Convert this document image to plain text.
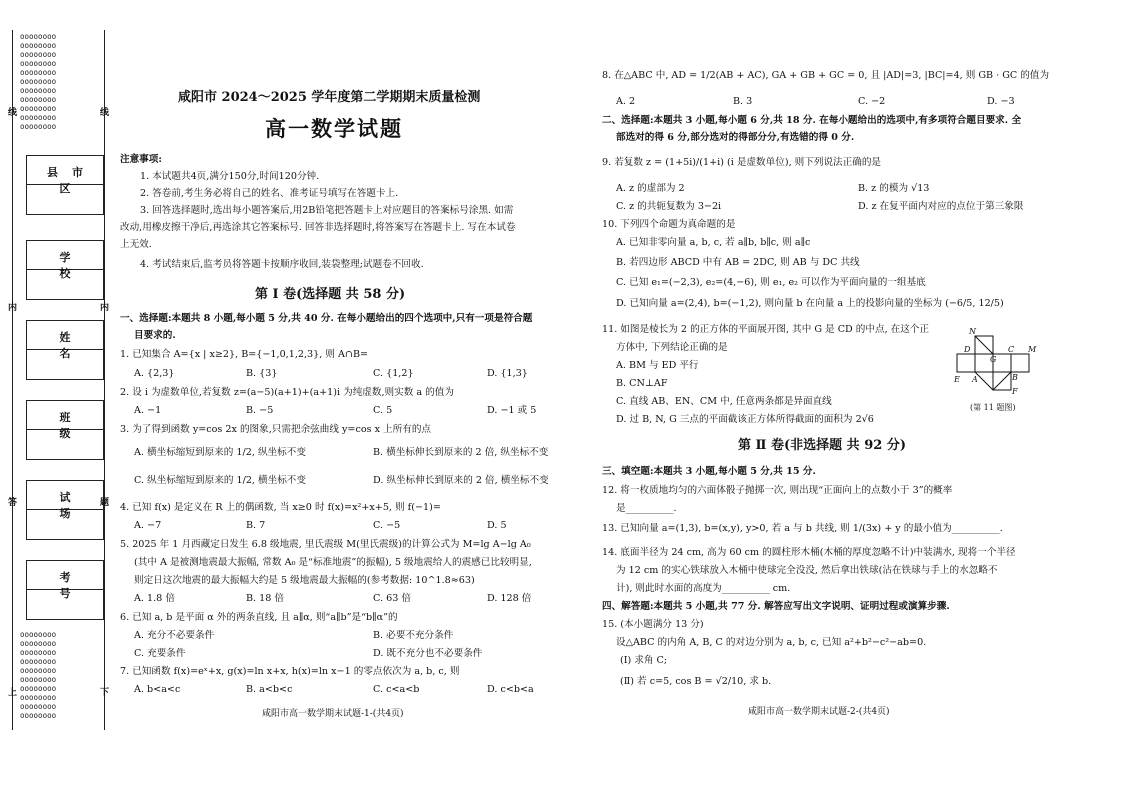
oooooooo
oooooooo
oooooooo
oooooooo
oooooooo
oooooooo
oooooooo
oooooooo
oooooooo
oooooooo
oooooooo
县市区
学 校
姓 名
班 级
试 场
考 号
oooooooo
oooooooo
oooooooo
oooooooo
oooooooo
oooooooo
oooooooo
oooooooo
oooooooo
oooooooo
线	线
内	内
答	题
上	下
咸阳市 2024～2025 学年度第二学期期末质量检测
高一数学试题
注意事项:
1. 本试题共4页,满分150分,时间120分钟.
2. 答卷前,考生务必将自己的姓名、准考证号填写在答题卡上.
3. 回答选择题时,选出每小题答案后,用2B铅笔把答题卡上对应题目的答案标号涂黑. 如需
改动,用橡皮擦干净后,再选涂其它答案标号. 回答非选择题时,将答案写在答题卡上. 写在本试卷
上无效.
4. 考试结束后,监考员将答题卡按顺序收回,装袋整理;试题卷不回收.
第 Ⅰ 卷(选择题 共 58 分)
一、选择题:本题共 8 小题,每小题 5 分,共 40 分. 在每小题给出的四个选项中,只有一项是符合题
目要求的.
1. 已知集合 A={x | x≥2}, B={−1,0,1,2,3}, 则 A∩B=
A. {2,3}	B. {3}	C. {1,2}	D. {1,3}
2. 设 i 为虚数单位,若复数 z=(a−5)(a+1)+(a+1)i 为纯虚数,则实数 a 的值为
A. −1	B. −5	C. 5	D. −1 或 5
3. 为了得到函数 y=cos 2x 的图象,只需把余弦曲线 y=cos x 上所有的点
A. 横坐标缩短到原来的 1/2, 纵坐标不变	B. 横坐标伸长到原来的 2 倍, 纵坐标不变
C. 纵坐标缩短到原来的 1/2, 横坐标不变	D. 纵坐标伸长到原来的 2 倍, 横坐标不变
4. 已知 f(x) 是定义在 R 上的偶函数, 当 x≥0 时 f(x)=x²+x+5, 则 f(−1)=
A. −7	B. 7	C. −5	D. 5
5. 2025 年 1 月西藏定日发生 6.8 级地震, 里氏震级 M(里氏震级)的计算公式为 M=lg A−lg A₀
(其中 A 是被测地震最大振幅, 常数 A₀ 是“标准地震”的振幅), 5 级地震给人的震感已比较明显,
则定日这次地震的最大振幅大约是 5 级地震最大振幅的(参考数据: 10^1.8≈63)
A. 1.8 倍	B. 18 倍	C. 63 倍	D. 128 倍
6. 已知 a, b 是平面 α 外的两条直线, 且 a∥α, 则“a∥b”是“b∥α”的
A. 充分不必要条件	B. 必要不充分条件
C. 充要条件	D. 既不充分也不必要条件
7. 已知函数 f(x)=eˣ+x, g(x)=ln x+x, h(x)=ln x−1 的零点依次为 a, b, c, 则
A. b<a<c	B. a<b<c	C. c<a<b	D. c<b<a
咸阳市高一数学期末试题-1-(共4页)
8. 在△ABC 中, AD = 1/2(AB + AC), GA + GB + GC = 0, 且 |AD|=3, |BC|=4, 则 GB · GC 的值为
A. 2	B. 3	C. −2	D. −3
二、选择题:本题共 3 小题,每小题 6 分,共 18 分. 在每小题给出的选项中,有多项符合题目要求. 全
部选对的得 6 分,部分选对的得部分分,有选错的得 0 分.
9. 若复数 z = (1+5i)/(1+i) (i 是虚数单位), 则下列说法正确的是
A. z 的虚部为 2	B. z 的模为 √13
C. z 的共轭复数为 3−2i	D. z 在复平面内对应的点位于第三象限
10. 下列四个命题为真命题的是
A. 已知非零向量 a, b, c, 若 a∥b, b∥c, 则 a∥c
B. 若四边形 ABCD 中有 AB = 2DC, 则 AB 与 DC 共线
C. 已知 e₁=(−2,3), e₂=(4,−6), 则 e₁, e₂ 可以作为平面向量的一组基底
D. 已知向量 a=(2,4), b=(−1,2), 则向量 b 在向量 a 上的投影向量的坐标为 (−6/5, 12/5)
11. 如图是棱长为 2 的正方体的平面展开图, 其中 G 是 CD 的中点, 在这个正
方体中, 下列结论正确的是
A. BM 与 ED 平行
B. CN⊥AF
C. 直线 AB、EN、CM 中, 任意两条都是异面直线
D. 过 B, N, G 三点的平面截该正方体所得截面的面积为 2√6
N
D	C M
G
E A	B
F
(第 11 题图)
第 Ⅱ 卷(非选择题 共 92 分)
三、填空题:本题共 3 小题,每小题 5 分,共 15 分.
12. 将一枚质地均匀的六面体骰子抛掷一次, 则出现“正面向上的点数小于 3”的概率
是__________.
13. 已知向量 a=(1,3), b=(x,y), y>0, 若 a 与 b 共线, 则 1/(3x) + y 的最小值为__________.
14. 底面半径为 24 cm, 高为 60 cm 的圆柱形木桶(木桶的厚度忽略不计)中装满水, 现将一个半径
为 12 cm 的实心铁球放入木桶中使球完全没没, 然后拿出铁球(沾在铁球与手上的水忽略不
计), 则此时水面的高度为__________ cm.
四、解答题:本题共 5 小题,共 77 分. 解答应写出文字说明、证明过程或演算步骤.
15. (本小题满分 13 分)
设△ABC 的内角 A, B, C 的对边分别为 a, b, c, 已知 a²+b²−c²−ab=0.
(Ⅰ) 求角 C;
(Ⅱ) 若 c=5, cos B = √2/10, 求 b.
咸阳市高一数学期末试题-2-(共4页)
